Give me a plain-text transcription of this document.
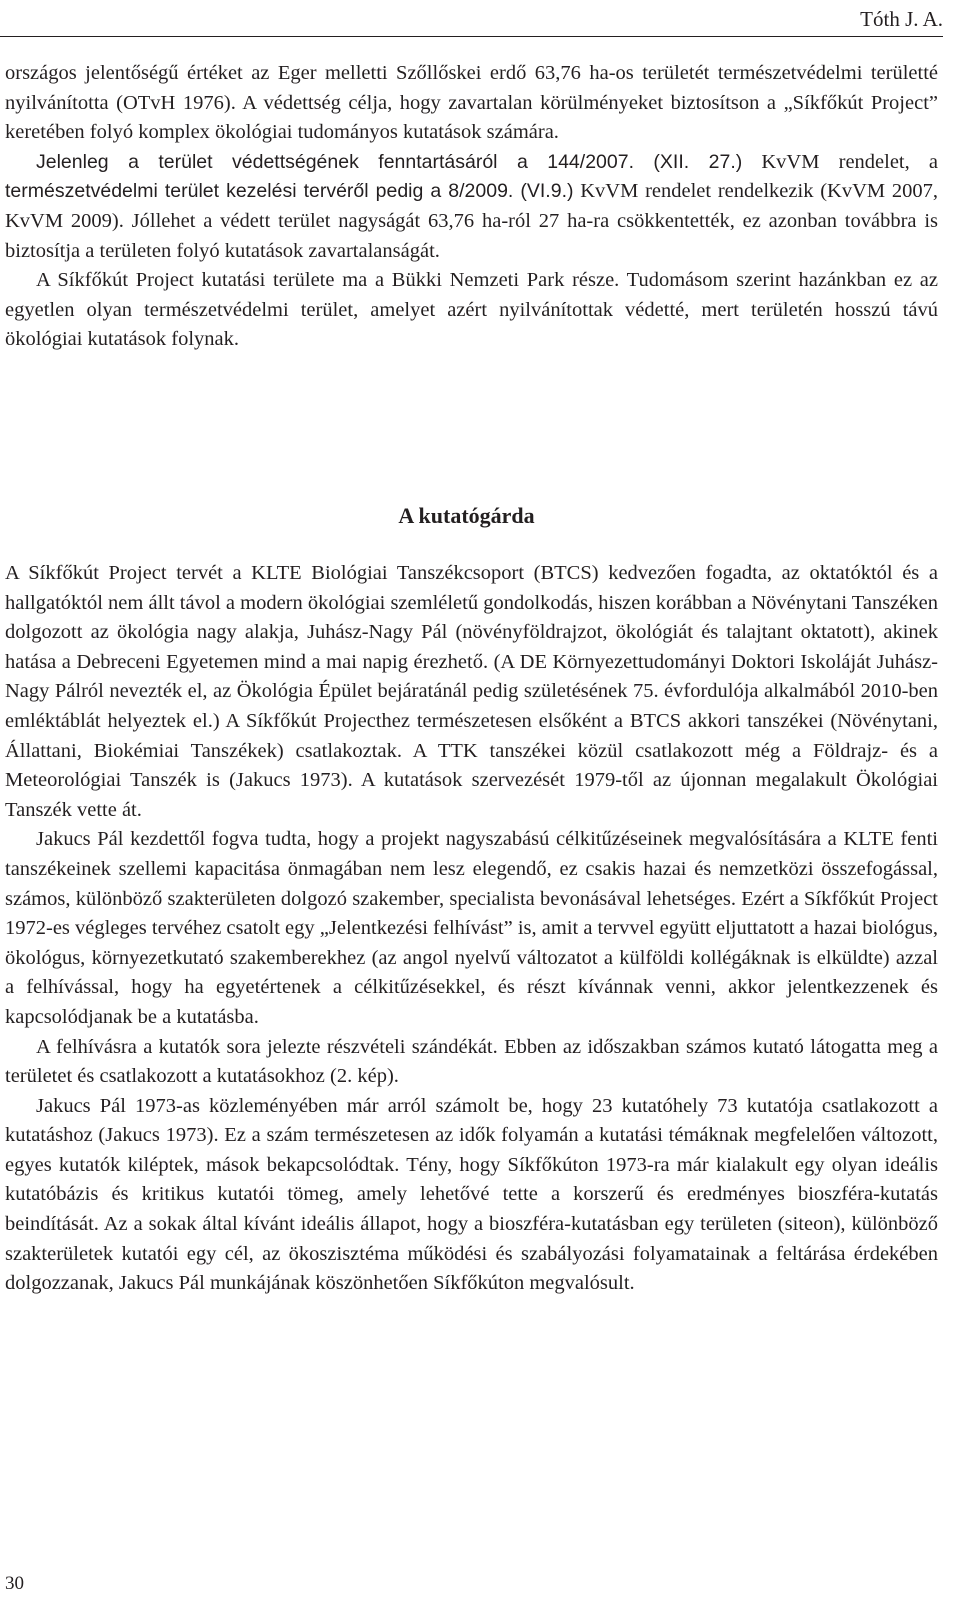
Tóth J. A.

országos jelentőségű értéket az Eger melletti Szőllőskei erdő 63,76 ha-os területét természetvédelmi területté nyilvánította (OTvH 1976). A védettség célja, hogy zavartalan körülményeket biztosítson a „Síkfőkút Project” keretében folyó komplex ökológiai tudományos kutatások számára.

Jelenleg a terület védettségének fenntartásáról a 144/2007. (XII. 27.) KvVM rendelet, a természetvédelmi terület kezelési tervéről pedig a 8/2009. (VI.9.) KvVM rendelet rendelkezik (KvVM 2007, KvVM 2009). Jóllehet a védett terület nagyságát 63,76 ha-ról 27 ha-ra csökkentették, ez azonban továbbra is biztosítja a területen folyó kutatások zavartalanságát.

A Síkfőkút Project kutatási területe ma a Bükki Nemzeti Park része. Tudomásom szerint hazánkban ez az egyetlen olyan természetvédelmi terület, amelyet azért nyilvánítottak védetté, mert területén hosszú távú ökológiai kutatások folynak.

A kutatógárda

A Síkfőkút Project tervét a KLTE Biológiai Tanszékcsoport (BTCS) kedvezően fogadta, az oktatóktól és a hallgatóktól nem állt távol a modern ökológiai szemléletű gondolkodás, hiszen korábban a Növénytani Tanszéken dolgozott az ökológia nagy alakja, Juhász-Nagy Pál (növényföldrajzot, ökológiát és talajtant oktatott), akinek hatása a Debreceni Egyetemen mind a mai napig érezhető. (A DE Környezettudományi Doktori Iskoláját Juhász-Nagy Pálról nevezték el, az Ökológia Épület bejáratánál pedig születésének 75. évfordulója alkalmából 2010-ben emléktáblát helyeztek el.) A Síkfőkút Projecthez természetesen elsőként a BTCS akkori tanszékei (Növénytani, Állattani, Biokémiai Tanszékek) csatlakoztak. A TTK tanszékei közül csatlakozott még a Földrajz- és a Meteorológiai Tanszék is (Jakucs 1973). A kutatások szervezését 1979-től az újonnan megalakult Ökológiai Tanszék vette át.

Jakucs Pál kezdettől fogva tudta, hogy a projekt nagyszabású célkitűzéseinek megvalósítására a KLTE fenti tanszékeinek szellemi kapacitása önmagában nem lesz elegendő, ez csakis hazai és nemzetközi összefogással, számos, különböző szakterületen dolgozó szakember, specialista bevonásával lehetséges. Ezért a Síkfőkút Project 1972-es végleges tervéhez csatolt egy „Jelentkezési felhívást” is, amit a tervvel együtt eljuttatott a hazai biológus, ökológus, környezetkutató szakemberekhez (az angol nyelvű változatot a külföldi kollégáknak is elküldte) azzal a felhívással, hogy ha egyetértenek a célkitűzésekkel, és részt kívánnak venni, akkor jelentkezzenek és kapcsolódjanak be a kutatásba.

A felhívásra a kutatók sora jelezte részvételi szándékát. Ebben az időszakban számos kutató látogatta meg a területet és csatlakozott a kutatásokhoz (2. kép).

Jakucs Pál 1973-as közleményében már arról számolt be, hogy 23 kutatóhely 73 kutatója csatlakozott a kutatáshoz (Jakucs 1973). Ez a szám természetesen az idők folyamán a kutatási témáknak megfelelően változott, egyes kutatók kiléptek, mások bekapcsolódtak. Tény, hogy Síkfőkúton 1973-ra már kialakult egy olyan ideális kutatóbázis és kritikus kutatói tömeg, amely lehetővé tette a korszerű és eredményes bioszféra-kutatás beindítását. Az a sokak által kívánt ideális állapot, hogy a bioszféra-kutatásban egy területen (siteon), különböző szakterületek kutatói egy cél, az ökoszisztéma működési és szabályozási folyamatainak a feltárása érdekében dolgozzanak, Jakucs Pál munkájának köszönhetően Síkfőkúton megvalósult.

30
